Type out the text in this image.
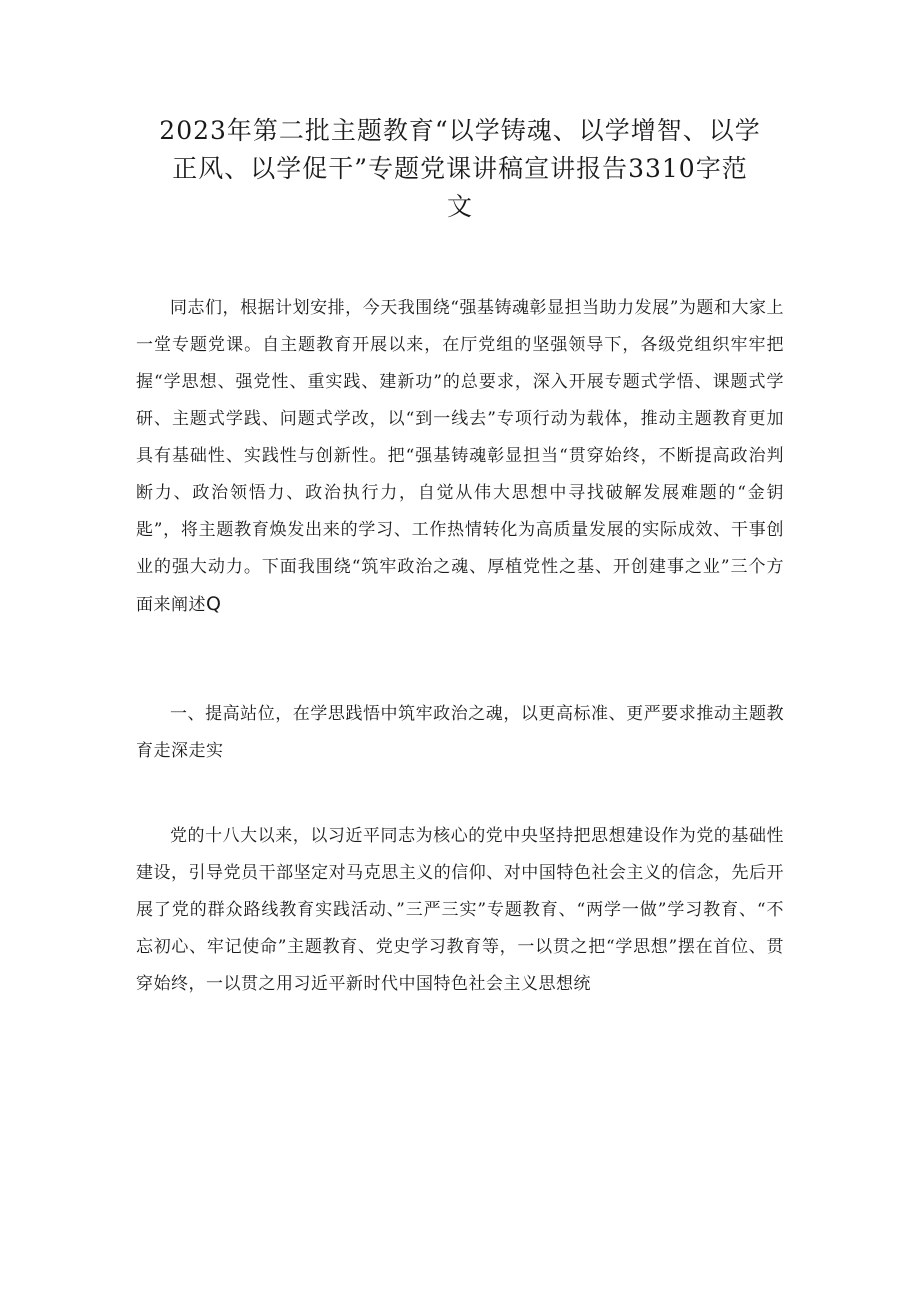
2023年第二批主题教育“以学铸魂、以学增智、以学
正风、以学促干”专题党课讲稿宣讲报告3310字范
文

同志们，根据计划安排，今天我围绕“强基铸魂彰显担当助力发展”为题和大家上一堂专题党课。自主题教育开展以来，在厅党组的坚强领导下，各级党组织牢牢把握“学思想、强党性、重实践、建新功”的总要求，深入开展专题式学悟、课题式学研、主题式学践、问题式学改，以“到一线去”专项行动为载体，推动主题教育更加具有基础性、实践性与创新性。把“强基铸魂彰显担当“贯穿始终，不断提高政治判断力、政治领悟力、政治执行力，自觉从伟大思想中寻找破解发展难题的“金钥匙”，将主题教育焕发出来的学习、工作热情转化为高质量发展的实际成效、干事创业的强大动力。下面我围绕“筑牢政治之魂、厚植党性之基、开创建事之业”三个方面来阐述Q

一、提高站位，在学思践悟中筑牢政治之魂，以更高标准、更严要求推动主题教育走深走实

党的十八大以来，以习近平同志为核心的党中央坚持把思想建设作为党的基础性建设，引导党员干部坚定对马克思主义的信仰、对中国特色社会主义的信念，先后开展了党的群众路线教育实践活动、”三严三实”专题教育、“两学一做”学习教育、“不忘初心、牢记使命”主题教育、党史学习教育等，一以贯之把“学思想”摆在首位、贯穿始终，一以贯之用习近平新时代中国特色社会主义思想统
